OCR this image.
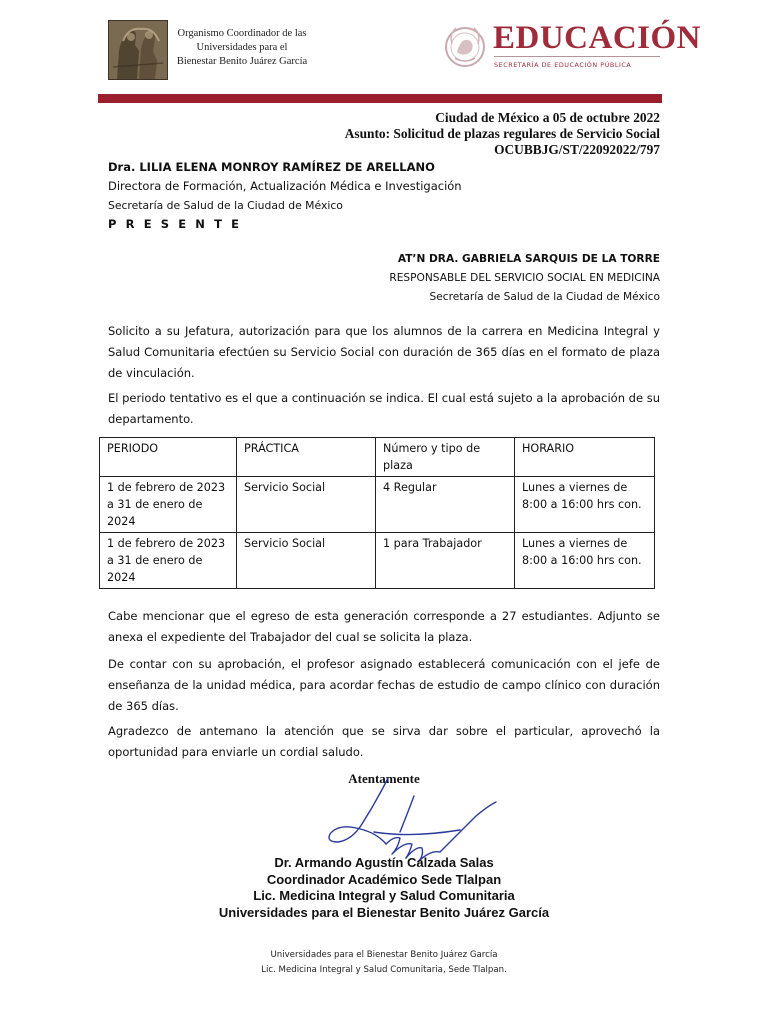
Organismo Coordinador de las
Universidades para el
Bienestar Benito Juárez García
EDUCACIÓN
SECRETARÍA DE EDUCACIÓN PÚBLICA
Ciudad de México a 05 de octubre 2022
Asunto: Solicitud de plazas regulares de Servicio Social
OCUBBJG/ST/22092022/797
Dra. LILIA ELENA MONROY RAMÍREZ DE ARELLANO
Directora de Formación, Actualización Médica e Investigación
Secretaría de Salud de la Ciudad de México
P R E S E N T E
AT’N DRA. GABRIELA SARQUIS DE LA TORRE
RESPONSABLE DEL SERVICIO SOCIAL EN MEDICINA
Secretaría de Salud de la Ciudad de México
Solicito a su Jefatura, autorización para que los alumnos de la carrera en Medicina Integral y Salud Comunitaria efectúen su Servicio Social con duración de 365 días en el formato de plaza de vinculación.
El periodo tentativo es el que a continuación se indica. El cual está sujeto a la aprobación de su departamento.
PERIODO	PRÁCTICA	Número y tipo de plaza	HORARIO
1 de febrero de 2023 a 31 de enero de 2024	Servicio Social	4 Regular	Lunes a viernes de 8:00 a 16:00 hrs con.
1 de febrero de 2023 a 31 de enero de 2024	Servicio Social	1 para Trabajador	Lunes a viernes de 8:00 a 16:00 hrs con.
Cabe mencionar que el egreso de esta generación corresponde a 27 estudiantes. Adjunto se anexa el expediente del Trabajador del cual se solicita la plaza.
De contar con su aprobación, el profesor asignado establecerá comunicación con el jefe de enseñanza de la unidad médica, para acordar fechas de estudio de campo clínico con duración de 365 días.
Agradezco de antemano la atención que se sirva dar sobre el particular, aprovechó la oportunidad para enviarle un cordial saludo.
Atentamente
Dr. Armando Agustín Calzada Salas
Coordinador Académico Sede Tlalpan
Lic. Medicina Integral y Salud Comunitaria
Universidades para el Bienestar Benito Juárez García
Universidades para el Bienestar Benito Juárez García
Lic. Medicina Integral y Salud Comunitaria, Sede Tlalpan.
